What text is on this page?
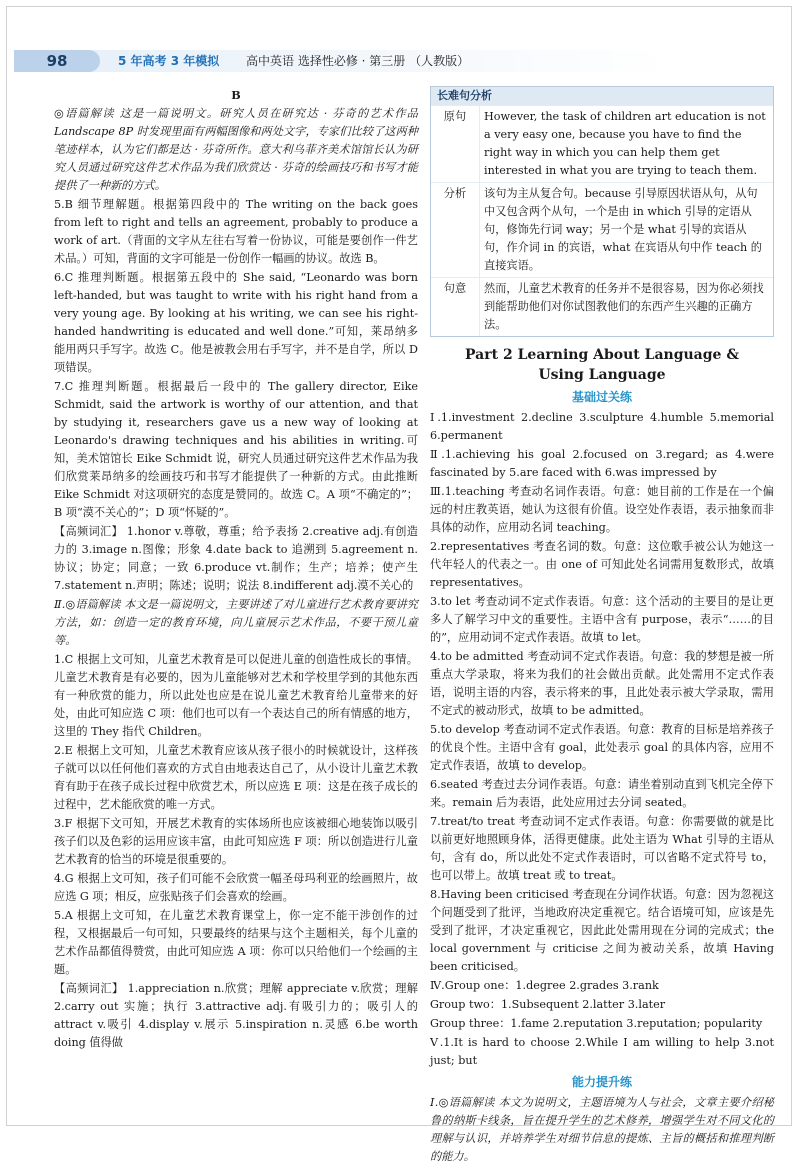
98	5 年高考 3 年模拟 高中英语 选择性必修 · 第三册 （人教版）

B

◎语篇解读 这是一篇说明文。研究人员在研究达 · 芬奇的艺术作品 Landscape 8P 时发现里面有两幅图像和两处文字，专家们比较了这两种笔迹样本，认为它们都是达 · 芬奇所作。意大利乌菲齐美术馆馆长认为研究人员通过研究这件艺术作品为我们欣赏达 · 芬奇的绘画技巧和书写才能提供了一种新的方式。

5.B 细节理解题。根据第四段中的 The writing on the back goes from left to right and tells an agreement, probably to produce a work of art.（背面的文字从左往右写着一份协议，可能是要创作一件艺术品。）可知，背面的文字可能是一份创作一幅画的协议。故选 B。

6.C 推理判断题。根据第五段中的 She said, “Leonardo was born left-handed, but was taught to write with his right hand from a very young age. By looking at his writing, we can see his right-handed handwriting is educated and well done.”可知，莱昂纳多能用两只手写字。故选 C。他是被教会用右手写字，并不是自学，所以 D 项错误。

7.C 推理判断题。根据最后一段中的 The gallery director, Eike Schmidt, said the artwork is worthy of our attention, and that by studying it, researchers gave us a new way of looking at Leonardo's drawing techniques and his abilities in writing.可知，美术馆馆长 Eike Schmidt 说，研究人员通过研究这件艺术作品为我们欣赏莱昂纳多的绘画技巧和书写才能提供了一种新的方式。由此推断 Eike Schmidt 对这项研究的态度是赞同的。故选 C。A 项“不确定的”；B 项“漠不关心的”；D 项“怀疑的”。

【高频词汇】 1.honor v.尊敬，尊重；给予表扬 2.creative adj.有创造力的 3.image n.图像；形象 4.date back to 追溯到 5.agreement n.协议；协定；同意；一致 6.produce vt.制作；生产；培养；使产生 7.statement n.声明；陈述；说明；说法 8.indifferent adj.漠不关心的

Ⅱ.◎语篇解读 本文是一篇说明文，主要讲述了对儿童进行艺术教育要讲究方法，如：创造一定的教育环境，向儿童展示艺术作品，不要干预儿童等。

1.C 根据上文可知，儿童艺术教育是可以促进儿童的创造性成长的事情。儿童艺术教育是有必要的，因为儿童能够对艺术和学校里学到的其他东西有一种欣赏的能力，所以此处也应是在说儿童艺术教育给儿童带来的好处，由此可知应选 C 项：他们也可以有一个表达自己的所有情感的地方，这里的 They 指代 Children。

2.E 根据上文可知，儿童艺术教育应该从孩子很小的时候就设计，这样孩子就可以以任何他们喜欢的方式自由地表达自己了，从小设计儿童艺术教育有助于在孩子成长过程中欣赏艺术，所以应选 E 项：这是在孩子成长的过程中，艺术能欣赏的唯一方式。

3.F 根据下文可知，开展艺术教育的实体场所也应该被细心地装饰以吸引孩子们以及色彩的运用应该丰富，由此可知应选 F 项：所以创造进行儿童艺术教育的恰当的环境是很重要的。

4.G 根据上文可知，孩子们可能不会欣赏一幅圣母玛利亚的绘画照片，故应选 G 项；相反，应张贴孩子们会喜欢的绘画。

5.A 根据上文可知，在儿童艺术教育课堂上，你一定不能干涉创作的过程，又根据最后一句可知，只要最终的结果与这个主题相关，每个儿童的艺术作品都值得赞赏，由此可知应选 A 项：你可以只给他们一个绘画的主题。

【高频词汇】 1.appreciation n.欣赏；理解 appreciate v.欣赏；理解 2.carry out 实施；执行 3.attractive adj.有吸引力的；吸引人的 attract v.吸引 4.display v.展示 5.inspiration n.灵感 6.be worth doing 值得做

长难句分析
原句	However, the task of children art education is not a very easy one, because you have to find the right way in which you can help them get interested in what you are trying to teach them.
分析	该句为主从复合句。because 引导原因状语从句，从句中又包含两个从句，一个是由 in which 引导的定语从句，修饰先行词 way；另一个是 what 引导的宾语从句，作介词 in 的宾语，what 在宾语从句中作 teach 的直接宾语。
句意	然而，儿童艺术教育的任务并不是很容易，因为你必须找到能帮助他们对你试图教他们的东西产生兴趣的正确方法。
Part 2 Learning About Language &
Using Language
基础过关练

Ⅰ.1.investment 2.decline 3.sculpture 4.humble 5.memorial 6.permanent

Ⅱ.1.achieving his goal 2.focused on 3.regard; as 4.were fascinated by 5.are faced with 6.was impressed by

Ⅲ.1.teaching 考查动名词作表语。句意：她目前的工作是在一个偏远的村庄教英语，她认为这很有价值。设空处作表语，表示抽象而非具体的动作，应用动名词 teaching。

2.representatives 考查名词的数。句意：这位歌手被公认为她这一代年轻人的代表之一。由 one of 可知此处名词需用复数形式，故填 representatives。

3.to let 考查动词不定式作表语。句意：这个活动的主要目的是让更多人了解学习中文的重要性。主语中含有 purpose，表示“……的目的”，应用动词不定式作表语。故填 to let。

4.to be admitted 考查动词不定式作表语。句意：我的梦想是被一所重点大学录取，将来为我们的社会做出贡献。此处需用不定式作表语，说明主语的内容，表示将来的事，且此处表示被大学录取，需用不定式的被动形式，故填 to be admitted。

5.to develop 考查动词不定式作表语。句意：教育的目标是培养孩子的优良个性。主语中含有 goal，此处表示 goal 的具体内容，应用不定式作表语，故填 to develop。

6.seated 考查过去分词作表语。句意：请坐着别动直到飞机完全停下来。remain 后为表语，此处应用过去分词 seated。

7.treat/to treat 考查动词不定式作表语。句意：你需要做的就是比以前更好地照顾身体，活得更健康。此处主语为 What 引导的主语从句，含有 do，所以此处不定式作表语时，可以省略不定式符号 to，也可以带上。故填 treat 或 to treat。

8.Having been criticised 考查现在分词作状语。句意：因为忽视这个问题受到了批评，当地政府决定重视它。结合语境可知，应该是先受到了批评，才决定重视它，因此此处需用现在分词的完成式；the local government 与 criticise 之间为被动关系，故填 Having been criticised。

Ⅳ.Group one：1.degree 2.grades 3.rank

Group two：1.Subsequent 2.latter 3.later

Group three：1.fame 2.reputation 3.reputation; popularity

Ⅴ.1.It is hard to choose 2.While I am willing to help 3.not just; but

能力提升练

Ⅰ.◎语篇解读 本文为说明文，主题语境为人与社会，文章主要介绍秘鲁的纳斯卡线条，旨在提升学生的艺术修养，增强学生对不同文化的理解与认识，并培养学生对细节信息的提炼、主旨的概括和推理判断的能力。
